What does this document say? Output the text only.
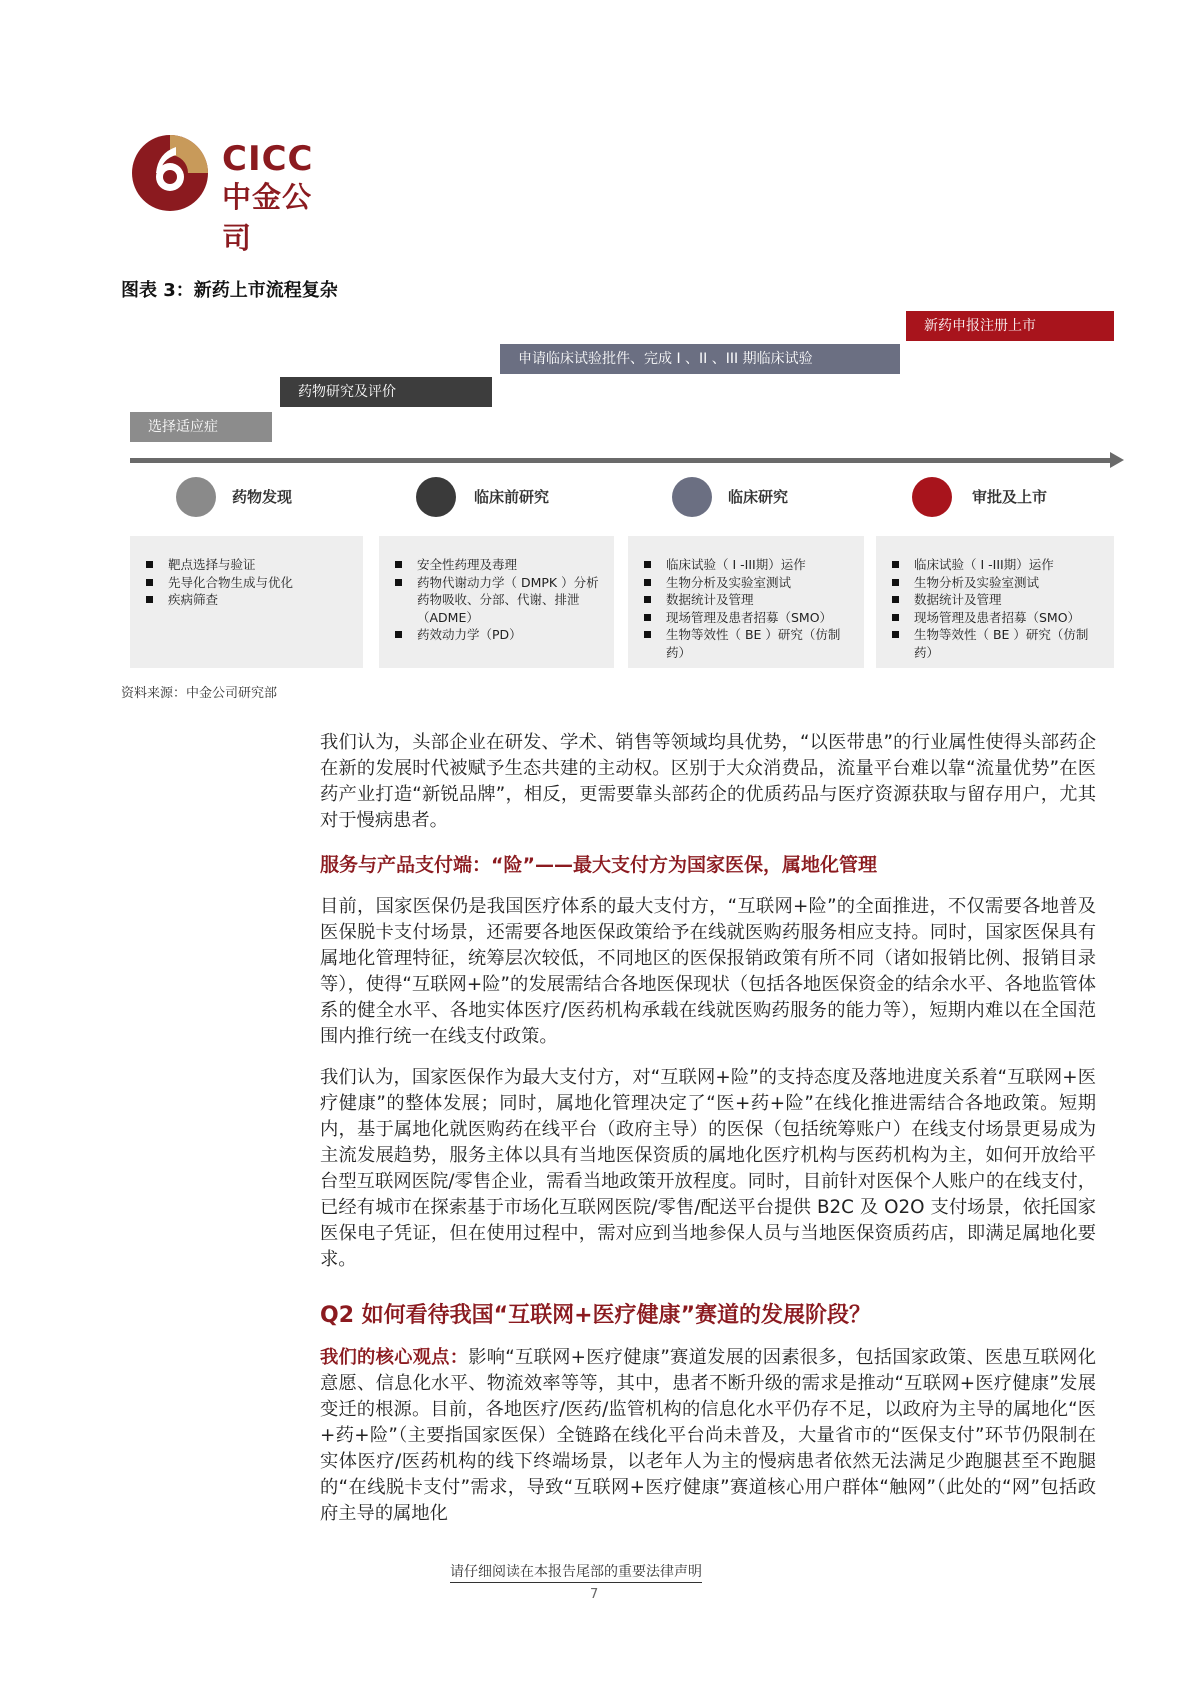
CICC
中金公司
图表 3：新药上市流程复杂
选择适应症
药物研究及评价
申请临床试验批件、完成 I 、II 、III 期临床试验
新药申报注册上市
药物发现	临床前研究	临床研究	审批及上市
靶点选择与验证
先导化合物生成与优化
疾病筛查
安全性药理及毒理
药物代谢动力学（ DMPK ）分析药物吸收、分部、代谢、排泄（ADME）
药效动力学（PD）
临床试验（ I -III期）运作
生物分析及实验室测试
数据统计及管理
现场管理及患者招募（SMO）
生物等效性（ BE ）研究（仿制药）
临床试验（ I -III期）运作
生物分析及实验室测试
数据统计及管理
现场管理及患者招募（SMO）
生物等效性（ BE ）研究（仿制药）
资料来源：中金公司研究部
我们认为，头部企业在研发、学术、销售等领域均具优势，“以医带患”的行业属性使得头部药企在新的发展时代被赋予生态共建的主动权。区别于大众消费品，流量平台难以靠“流量优势”在医药产业打造“新锐品牌”，相反，更需要靠头部药企的优质药品与医疗资源获取与留存用户，尤其对于慢病患者。
服务与产品支付端：“险”——最大支付方为国家医保，属地化管理
目前，国家医保仍是我国医疗体系的最大支付方，“互联网+险”的全面推进，不仅需要各地普及医保脱卡支付场景，还需要各地医保政策给予在线就医购药服务相应支持。同时，国家医保具有属地化管理特征，统筹层次较低，不同地区的医保报销政策有所不同（诸如报销比例、报销目录等），使得“互联网+险”的发展需结合各地医保现状（包括各地医保资金的结余水平、各地监管体系的健全水平、各地实体医疗/医药机构承载在线就医购药服务的能力等），短期内难以在全国范围内推行统一在线支付政策。
我们认为，国家医保作为最大支付方，对“互联网+险”的支持态度及落地进度关系着“互联网+医疗健康”的整体发展；同时，属地化管理决定了“医+药+险”在线化推进需结合各地政策。短期内，基于属地化就医购药在线平台（政府主导）的医保（包括统筹账户）在线支付场景更易成为主流发展趋势，服务主体以具有当地医保资质的属地化医疗机构与医药机构为主，如何开放给平台型互联网医院/零售企业，需看当地政策开放程度。同时，目前针对医保个人账户的在线支付，已经有城市在探索基于市场化互联网医院/零售/配送平台提供 B2C 及 O2O 支付场景，依托国家医保电子凭证，但在使用过程中，需对应到当地参保人员与当地医保资质药店，即满足属地化要求。
Q2 如何看待我国“互联网+医疗健康”赛道的发展阶段？
我们的核心观点：影响“互联网+医疗健康”赛道发展的因素很多，包括国家政策、医患互联网化意愿、信息化水平、物流效率等等，其中，患者不断升级的需求是推动“互联网+医疗健康”发展变迁的根源。目前，各地医疗/医药/监管机构的信息化水平仍存不足，以政府为主导的属地化“医+药+险”（主要指国家医保）全链路在线化平台尚未普及，大量省市的“医保支付”环节仍限制在实体医疗/医药机构的线下终端场景，以老年人为主的慢病患者依然无法满足少跑腿甚至不跑腿的“在线脱卡支付”需求，导致“互联网+医疗健康”赛道核心用户群体“触网”（此处的“网”包括政府主导的属地化
请仔细阅读在本报告尾部的重要法律声明
7
